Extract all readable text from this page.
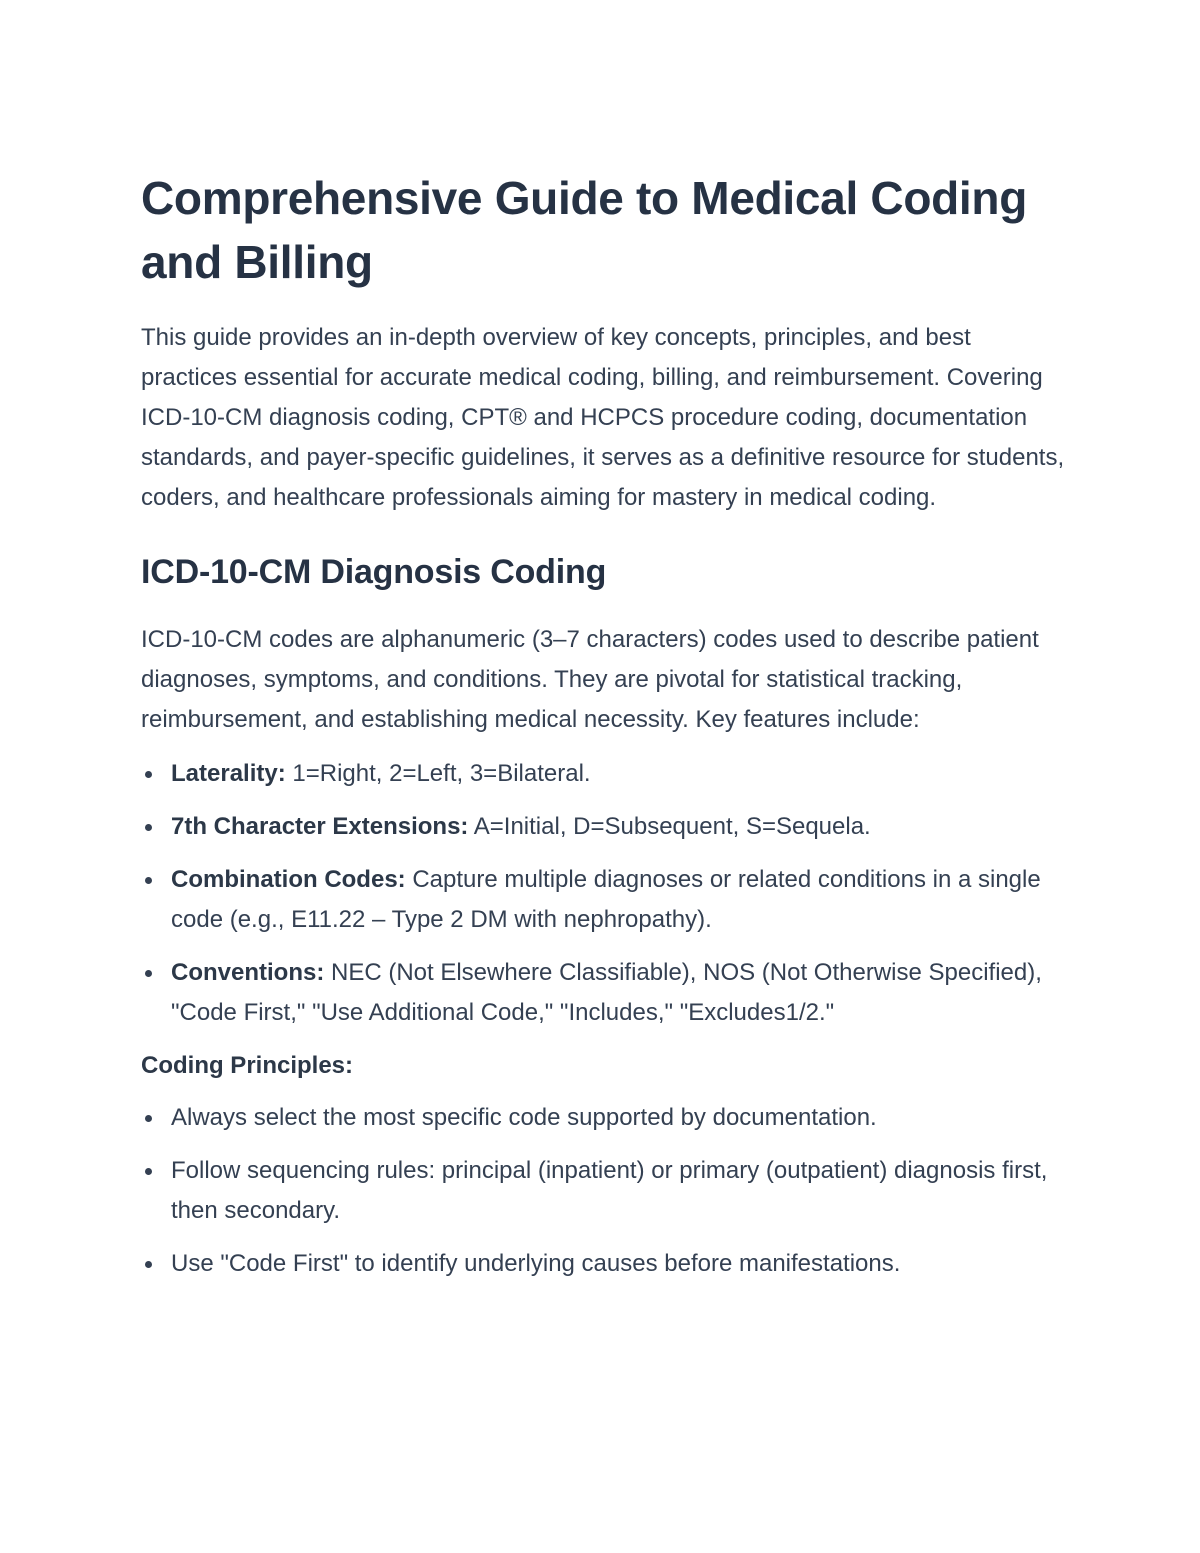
Comprehensive Guide to Medical Coding and Billing

This guide provides an in-depth overview of key concepts, principles, and best practices essential for accurate medical coding, billing, and reimbursement. Covering ICD-10-CM diagnosis coding, CPT® and HCPCS procedure coding, documentation standards, and payer-specific guidelines, it serves as a definitive resource for students, coders, and healthcare professionals aiming for mastery in medical coding.

ICD-10-CM Diagnosis Coding

ICD-10-CM codes are alphanumeric (3–7 characters) codes used to describe patient diagnoses, symptoms, and conditions. They are pivotal for statistical tracking, reimbursement, and establishing medical necessity. Key features include:

Laterality: 1=Right, 2=Left, 3=Bilateral.
7th Character Extensions: A=Initial, D=Subsequent, S=Sequela.
Combination Codes: Capture multiple diagnoses or related conditions in a single code (e.g., E11.22 – Type 2 DM with nephropathy).
Conventions: NEC (Not Elsewhere Classifiable), NOS (Not Otherwise Specified), "Code First," "Use Additional Code," "Includes," "Excludes1/2."

Coding Principles:

Always select the most specific code supported by documentation.
Follow sequencing rules: principal (inpatient) or primary (outpatient) diagnosis first, then secondary.
Use "Code First" to identify underlying causes before manifestations.
